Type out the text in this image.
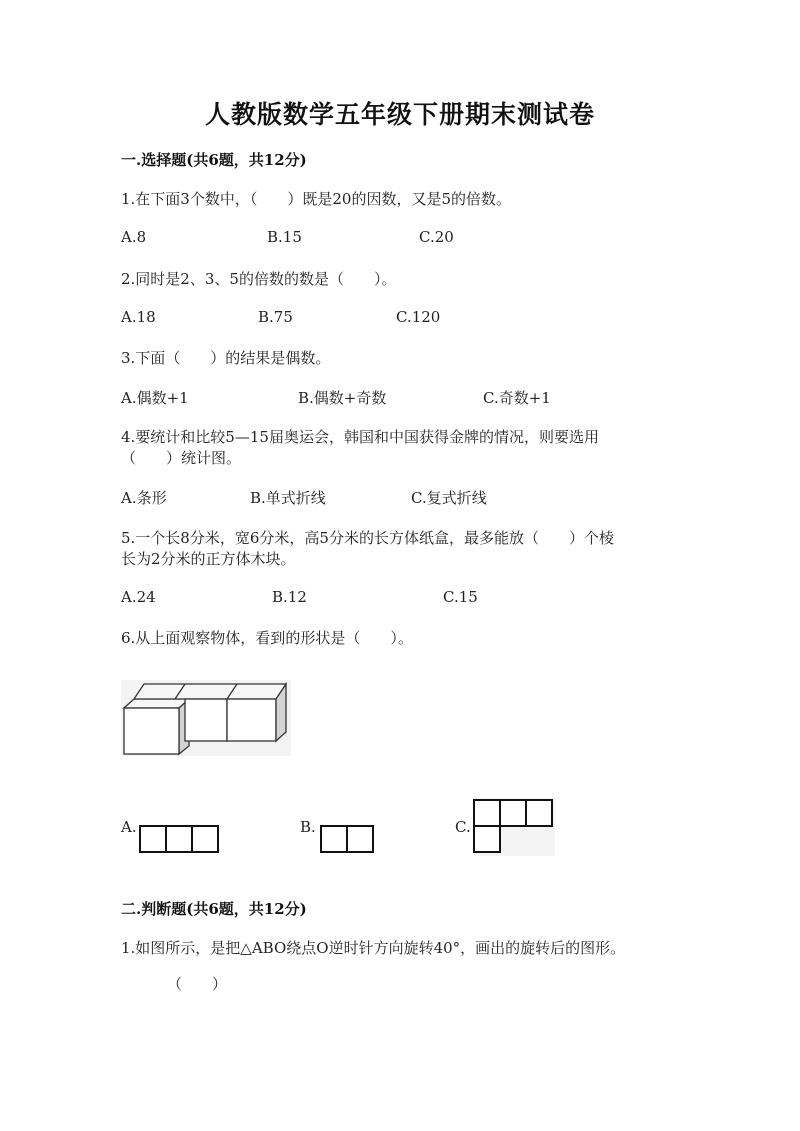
人教版数学五年级下册期末测试卷
一.选择题(共6题，共12分)
1.在下面3个数中，（　　）既是20的因数，又是5的倍数。
A.8	B.15	C.20
2.同时是2、3、5的倍数的数是（　　）。
A.18	B.75	C.120
3.下面（　　）的结果是偶数。
A.偶数+1	B.偶数+奇数	C.奇数+1
4.要统计和比较5—15届奥运会，韩国和中国获得金牌的情况，则要选用
（　　）统计图。
A.条形	B.单式折线	C.复式折线
5.一个长8分米，宽6分米，高5分米的长方体纸盒，最多能放（　　）个棱
长为2分米的正方体木块。
A.24	B.12	C.15
6.从上面观察物体，看到的形状是（　　）。
A.	B.	C.
二.判断题(共6题，共12分)
1.如图所示，是把△ABO绕点O逆时针方向旋转40°，画出的旋转后的图形。
（　　）
